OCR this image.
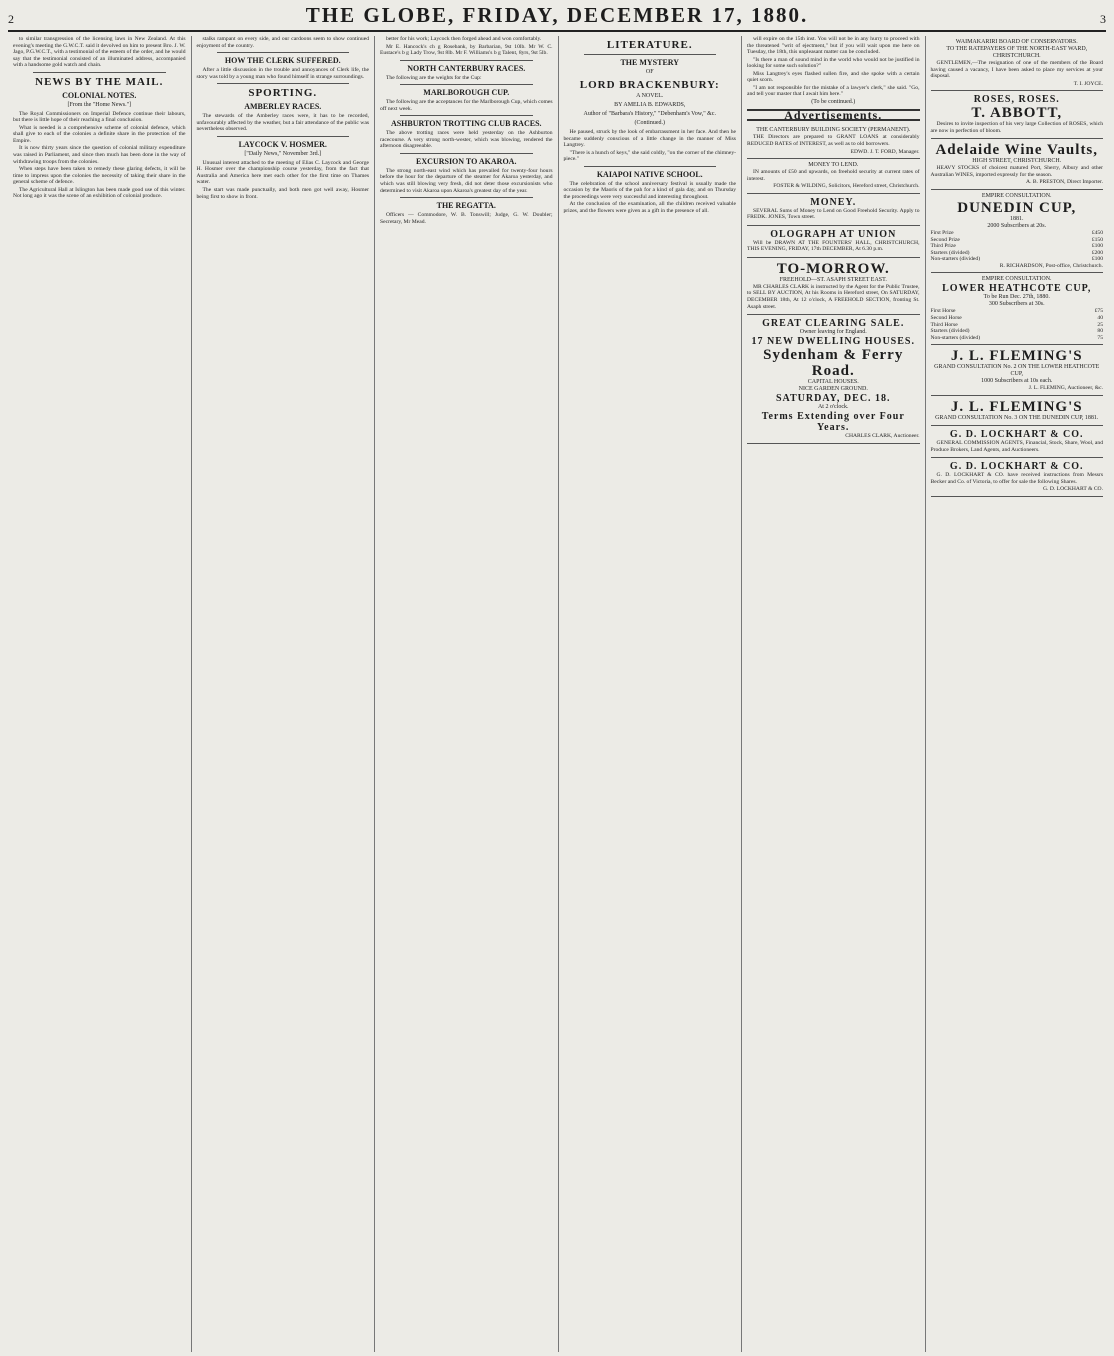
2	THE GLOBE, FRIDAY, DECEMBER 17, 1880.	3

to similar transgression of the licensing laws in New Zealand. At this evening's meeting the G.W.C.T. said it devolved on him to present Bro. J. W. Jago, P.G.W.C.T., with a testimonial of the esteem of the order, and he would say that the testimonial consisted of an illuminated address, accompanied with a handsome gold watch and chain.

NEWS BY THE MAIL.
COLONIAL NOTES.
[From the "Home News."]

The Royal Commissioners on Imperial Defence continue their labours, but there is little hope of their reaching a final conclusion.

What is needed is a comprehensive scheme of colonial defence, which shall give to each of the colonies a definite share in the protection of the Empire.

It is now thirty years since the question of colonial military expenditure was raised in Parliament, and since then much has been done in the way of withdrawing troops from the colonies.

When steps have been taken to remedy these glaring defects, it will be time to impress upon the colonies the necessity of taking their share in the general scheme of defence.

The Agricultural Hall at Islington has been made good use of this winter. Not long ago it was the scene of an exhibition of colonial produce.

stalks rampant on every side, and our cardoons seem to show continued enjoyment of the country.

HOW THE CLERK SUFFERED.

After a little discussion in the trouble and annoyances of Clerk life, the story was told by a young man who found himself in strange surroundings.

SPORTING.
AMBERLEY RACES.

The stewards of the Amberley races were, it has to be recorded, unfavourably affected by the weather, but a fair attendance of the public was nevertheless observed.

LAYCOCK V. HOSMER.
["Daily News," November 3rd.]

Unusual interest attached to the meeting of Elias C. Laycock and George H. Hosmer over the championship course yesterday, from the fact that Australia and America here met each other for the first time on Thames water.

The start was made punctually, and both men got well away, Hosmer being first to show in front.

better for his work; Laycock then forged ahead and won comfortably.

Mr E. Hancock's ch g Rosebank, by Barbarian, 9st 10lb. Mr W. C. Eustace's b g Lady Trow, 9st 8lb. Mr F. Williams's b g Talent, 8yrs, 9st 5lb.

NORTH CANTERBURY RACES.

The following are the weights for the Cup:

MARLBOROUGH CUP.

The following are the acceptances for the Marlborough Cup, which comes off next week.

ASHBURTON TROTTING CLUB RACES.

The above trotting races were held yesterday on the Ashburton racecourse. A very strong north-wester, which was blowing, rendered the afternoon disagreeable.

EXCURSION TO AKAROA.

The strong north-east wind which has prevailed for twenty-four hours before the hour for the departure of the steamer for Akaroa yesterday, and which was still blowing very fresh, did not deter those excursionists who determined to visit Akaroa upon Akaroa's greatest day of the year.

THE REGATTA.

Officers — Commodore, W. B. Tonswill; Judge, G. W. Doubler; Secretary, Mr Mead.

LITERATURE.
THE MYSTERY
OF
LORD BRACKENBURY:
A NOVEL.
BY AMELIA B. EDWARDS,
Author of "Barbara's History," "Debenham's Vow," &c.
(Continued.)

He paused, struck by the look of embarrassment in her face. And then he became suddenly conscious of a little change in the manner of Miss Langtrey.

"There is a hunch of keys," she said coldly, "on the corner of the chimney-piece."

KAIAPOI NATIVE SCHOOL.

The celebration of the school anniversary festival is usually made the occasion by the Maoris of the pah for a kind of gala day, and on Thursday the proceedings were very successful and interesting throughout.

At the conclusion of the examination, all the children received valuable prizes, and the flowers were given as a gift in the presence of all.

will expire on the 15th inst. You will not be in any hurry to proceed with the threatened "writ of ejectment," but if you will wait upon me here on Tuesday, the 18th, this unpleasant matter can be concluded.

"Is there a man of sound mind in the world who would not be justified in looking for some such solution?"

Miss Langtrey's eyes flashed sullen fire, and she spoke with a certain quiet scorn.

"I am not responsible for the mistake of a lawyer's clerk," she said. "Go, and tell your master that I await him here."

(To be continued.)
Advertisements.
THE CANTERBURY BUILDING SOCIETY (PERMANENT).

THE Directors are prepared to GRANT LOANS at considerably REDUCED RATES of INTEREST, as well as to old borrowers.

EDWD. J. T. FORD, Manager.
MONEY TO LEND.

IN amounts of £50 and upwards, on freehold security at current rates of interest.

FOSTER & WILDING, Solicitors, Hereford street, Christchurch.
MONEY.

SEVERAL Sums of Money to Lend on Good Freehold Security. Apply to FREDK. JONES, Town street.

OLOGRAPH AT UNION

Will be DRAWN AT THE FOUNTERS' HALL, CHRISTCHURCH, THIS EVENING, FRIDAY, 17th DECEMBER, At 6.30 p.m.

TO-MORROW.
FREEHOLD—ST. ASAPH STREET EAST.

MR CHARLES CLARK is instructed by the Agent for the Public Trustee, to SELL BY AUCTION, At his Rooms in Hereford street, On SATURDAY, DECEMBER 18th, At 12 o'clock, A FREEHOLD SECTION, fronting St. Asaph street.

GREAT CLEARING SALE.
Owner leaving for England.
17 NEW DWELLING HOUSES.
Sydenham & Ferry Road.
CAPITAL HOUSES.
NICE GARDEN GROUND.
SATURDAY, DEC. 18.
At 2 o'clock.
Terms Extending over Four Years.
CHARLES CLARK, Auctioneer.
WAIMAKARIRI BOARD OF CONSERVATORS.
TO THE RATEPAYERS OF THE NORTH-EAST WARD, CHRISTCHURCH.

GENTLEMEN,—The resignation of one of the members of the Board having caused a vacancy, I have been asked to place my services at your disposal.

T. I. JOYCE.
ROSES, ROSES.
T. ABBOTT,

Desires to invite inspection of his very large Collection of ROSES, which are now in perfection of bloom.

Adelaide Wine Vaults,
HIGH STREET, CHRISTCHURCH.

HEAVY STOCKS of choicest matured Port, Sherry, Albury and other Australian WINES, imported expressly for the season.

A. B. PRESTON, Direct Importer.
EMPIRE CONSULTATION.
DUNEDIN CUP,
1881.
2000 Subscribers at 20s.
First Prize	£450
Second Prize	£150
Third Prize	£100
Starters (divided)	£200
Non-starters (divided)	£100
R. RICHARDSON, Post-office, Christchurch.
EMPIRE CONSULTATION.
LOWER HEATHCOTE CUP,
To be Run Dec. 27th, 1880.
300 Subscribers at 30s.
First Horse	£75
Second Horse	40
Third Horse	25
Starters (divided)	80
Non-starters (divided)	75
J. L. FLEMING'S
GRAND CONSULTATION No. 2 ON THE LOWER HEATHCOTE CUP,
1000 Subscribers at 10s each.
J. L. FLEMING, Auctioneer, &c.
J. L. FLEMING'S
GRAND CONSULTATION No. 3 ON THE DUNEDIN CUP, 1881.
G. D. LOCKHART & CO.

GENERAL COMMISSION AGENTS, Financial, Stock, Share, Wool, and Produce Brokers, Land Agents, and Auctioneers.

G. D. LOCKHART & CO.

G. D. LOCKHART & CO. have received instructions from Messrs Becker and Co. of Victoria, to offer for sale the following Shares.

G. D. LOCKHART & CO.
